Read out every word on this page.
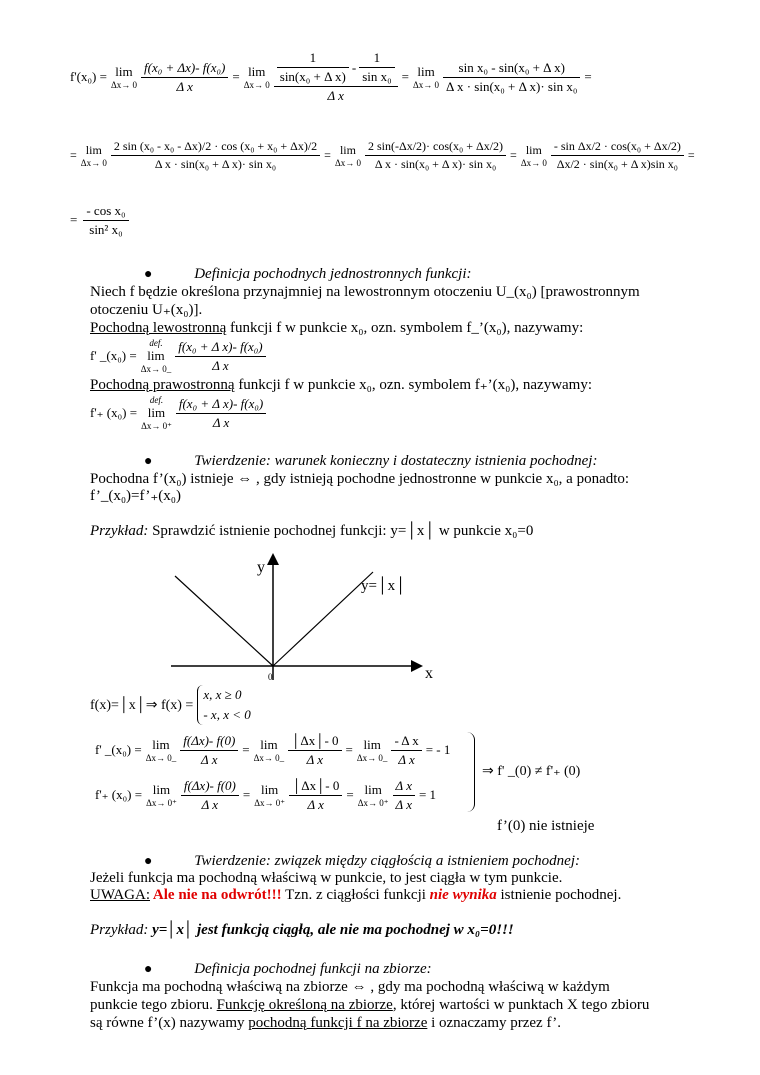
f'(x₀) = lim
$\Delta x\to 0 \frac{\text{f(x₀ + Δx)- f(x₀)}}{\text{Δ x}} = \lim$
$\Delta x\to 0 \frac{\frac{1}{\text{sin(x₀ + Δ x)}} - \frac{1}{\text{sin x₀}}}{\text{Δ x}} = \lim$
$\Delta x\to 0 \frac{\text{sin x₀ - sin(x₀ + Δ x)}}{\text{Δ x · sin(x₀ + Δ x)· sin x₀}}$ =
= lim
$\Delta x\to 0 \frac{\text{2 sin (x₀ - x₀ - Δx)/2 · cos (x₀ + x₀ + Δx)/2}}{\text{Δ x · sin(x₀ + Δ x)· sin x₀}} = \lim$
$\Delta x\to 0 \frac{\text{2 sin(-Δx/2)· cos(x₀ + Δx/2)}}{\text{Δ x · sin(x₀ + Δ x)· sin x₀}} = \lim$
$\Delta x\to 0 \frac{\text{- sin Δx/2 · cos(x₀ + Δx/2)}}{\text{Δx/2 · sin(x₀ + Δ x)sin x₀}}$ =
= $\frac{\text{- cos x₀}}{\text{sin² x₀}}$
●	Definicja pochodnych jednostronnych funkcji:
Niech f będzie określona przynajmniej na lewostronnym otoczeniu U_(x₀) [prawostronnym
otoczeniu U₊(x₀)].
Pochodną lewostronną funkcji f w punkcie x₀, ozn. symbolem f_’(x₀), nazywamy:
f' _(x₀) =
def.
lim
Δx→ 0_ $\frac{\text{f(x₀ + Δ x)- f(x₀)}}{\text{Δ x}}$
Pochodną prawostronną funkcji f w punkcie x₀, ozn. symbolem f₊’(x₀), nazywamy:
f'₊ (x₀) =
def.
lim
$\Delta x\to 0^+ \frac{\text{f(x₀ + Δ x)- f(x₀)}}{\text{Δ x}}$
●	Twierdzenie: warunek konieczny i dostateczny istnienia pochodnej:
Pochodna f’(x₀) istnieje ⇔ , gdy istnieją pochodne jednostronne w punkcie x₀, a ponadto:
f’_(x₀)=f’₊(x₀)
Przykład: Sprawdzić istnienie pochodnej funkcji: y=│x│ w punkcie x₀=0
y
x
0
y=│x│
f(x)=│x│⇒ f(x) =
x, x ≥ 0
- x, x < 0
f' _(x₀) = lim
Δx→ 0_ $\frac{f(\Delta x)- f(0)}{\text{Δ x}} = \lim$
Δx→ 0_ $\frac{│\Delta x│- 0}{\text{Δ x}} = \lim$
Δx→ 0_ $\frac{\text{- Δ x}}{\text{Δ x}}$ = - 1
f'₊ (x₀) = lim
$\Delta x\to 0^+ \frac{f(\Delta x)- f(0)}{\text{Δ x}} = \lim$
$\Delta x\to 0^+ \frac{│\Delta x│- 0}{\text{Δ x}} = \lim$
$\Delta x\to 0^+ \frac{\text{Δ x}}{\text{Δ x}} = 1$
⇒ f' _(0) ≠ f'₊ (0)
f’(0) nie istnieje
●	Twierdzenie: związek między ciągłością a istnieniem pochodnej:
Jeżeli funkcja ma pochodną właściwą w punkcie, to jest ciągła w tym punkcie.
UWAGA: Ale nie na odwrót!!! Tzn. z ciągłości funkcji nie wynika istnienie pochodnej.
Przykład: y=│x│ jest funkcją ciągłą, ale nie ma pochodnej w x₀=0!!!
●	Definicja pochodnej funkcji na zbiorze:
Funkcja ma pochodną właściwą na zbiorze ⇔ , gdy ma pochodną właściwą w każdym
punkcie tego zbioru. Funkcję określoną na zbiorze, której wartości w punktach X tego zbioru
są równe f’(x) nazywamy pochodną funkcji f na zbiorze i oznaczamy przez f’.
